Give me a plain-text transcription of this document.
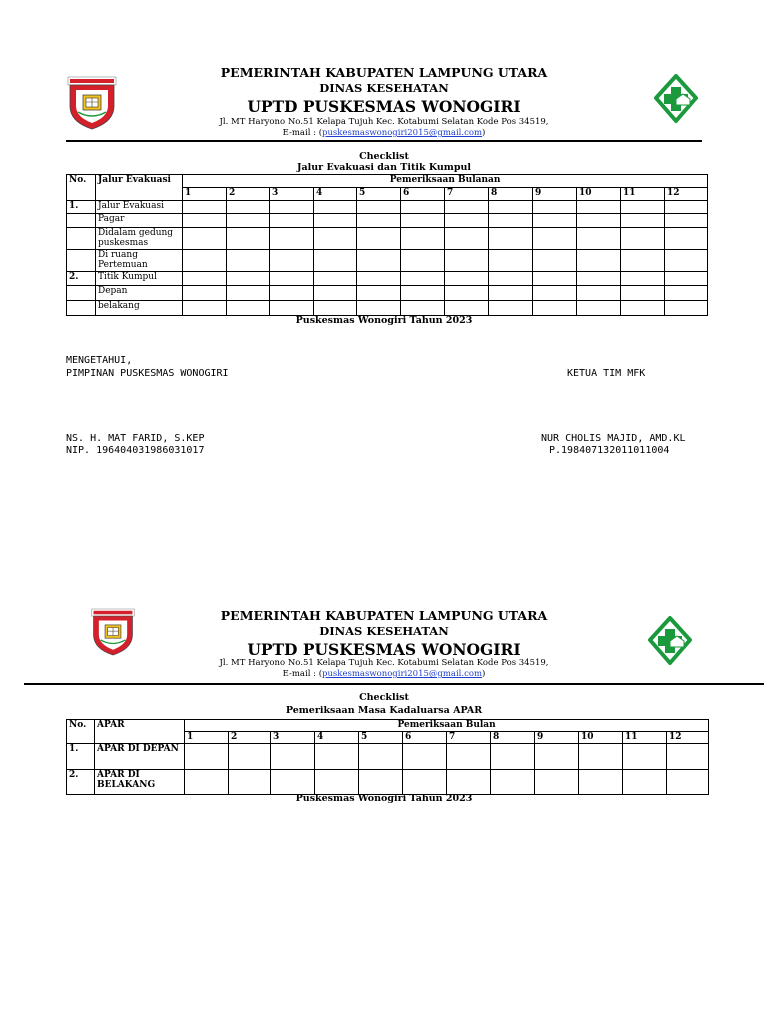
PEMERINTAH KABUPATEN LAMPUNG UTARA
DINAS KESEHATAN
UPTD PUSKESMAS WONOGIRI
Jl. MT Haryono No.51 Kelapa Tujuh Kec. Kotabumi Selatan Kode Pos 34519,
E-mail : (puskesmaswonogiri2015@gmail.com)
Checklist
Jalur Evakuasi dan Titik Kumpul
No.	Jalur Evakuasi	Pemeriksaan Bulanan											
		1	2	3	4	5	6	7	8	9	10	11	12
1.	Jalur Evakuasi												
	Pagar												
	Didalam gedung puskesmas												
	Di ruang Pertemuan												
2.	Titik Kumpul												
	Depan												
	belakang												
Puskesmas Wonogiri Tahun 2023
MENGETAHUI,
PIMPINAN PUSKESMAS WONOGIRI	KETUA TIM MFK
NS. H. MAT FARID, S.KEP
NIP. 196404031986031017
NUR CHOLIS MAJID, AMD.KL
P.198407132011011004
PEMERINTAH KABUPATEN LAMPUNG UTARA
DINAS KESEHATAN
UPTD PUSKESMAS WONOGIRI
Jl. MT Haryono No.51 Kelapa Tujuh Kec. Kotabumi Selatan Kode Pos 34519,
E-mail : (puskesmaswonogiri2015@gmail.com)
Checklist
Pemeriksaan Masa Kadaluarsa APAR
No.	APAR	Pemeriksaan Bulan											
		1	2	3	4	5	6	7	8	9	10	11	12
1.	APAR DI DEPAN												
2.	APAR DI BELAKANG												
Puskesmas Wonogiri Tahun 2023
